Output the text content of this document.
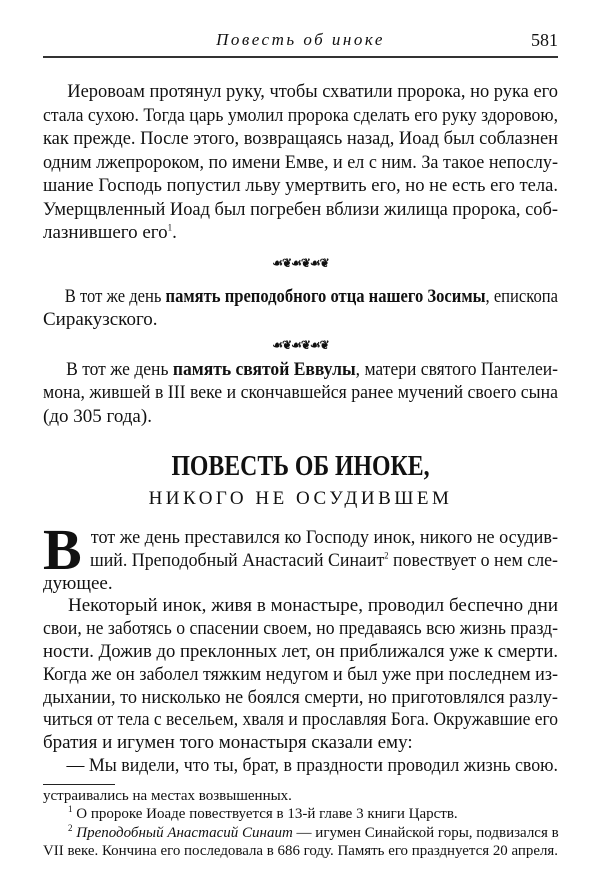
Повесть об иноке	581
Иеровоам протянул руку, чтобы схватили пророка, но рука его
стала сухою. Тогда царь умолил пророка сделать его руку здоровою,
как прежде. После этого, возвращаясь назад, Иоад был соблазнен
одним лжепророком, по имени Емве, и ел с ним. За такое непослу-
шание Господь попустил льву умертвить его, но не есть его тела.
Умерщвленный Иоад был погребен вблизи жилища пророка, соб-
лазнившего его$^1$.
☙❦☙❦☙❦
В тот же день память преподобного отца нашего Зосимы, епископа
Сиракузского.
☙❦☙❦☙❦
В тот же день память святой Еввулы, матери святого Пантелеи-
мона, жившей в III веке и скончавшейся ранее мучений своего сына
(до 305 года).
ПОВЕСТЬ ОБ ИНОКЕ,
НИКОГО НЕ ОСУДИВШЕМ
В тот же день преставился ко Господу инок, никого не осудив-
ший. Преподобный Анастасий Синаит$^2$ повествует о нем сле-
дующее.
Некоторый инок, живя в монастыре, проводил беспечно дни
свои, не заботясь о спасении своем, но предаваясь всю жизнь празд-
ности. Дожив до преклонных лет, он приближался уже к смерти.
Когда же он заболел тяжким недугом и был уже при последнем из-
дыхании, то нисколько не боялся смерти, но приготовлялся разлу-
читься от тела с весельем, хваля и прославляя Бога. Окружавшие его
братия и игумен того монастыря сказали ему:
— Мы видели, что ты, брат, в праздности проводил жизнь свою.
устраивались на местах возвышенных.
$^1$ О пророке Иоаде повествуется в 13-й главе 3 книги Царств.
$^2$ Преподобный Анастасий Синаит — игумен Синайской горы, подвизался в
VII веке. Кончина его последовала в 686 году. Память его празднуется 20 апреля.
